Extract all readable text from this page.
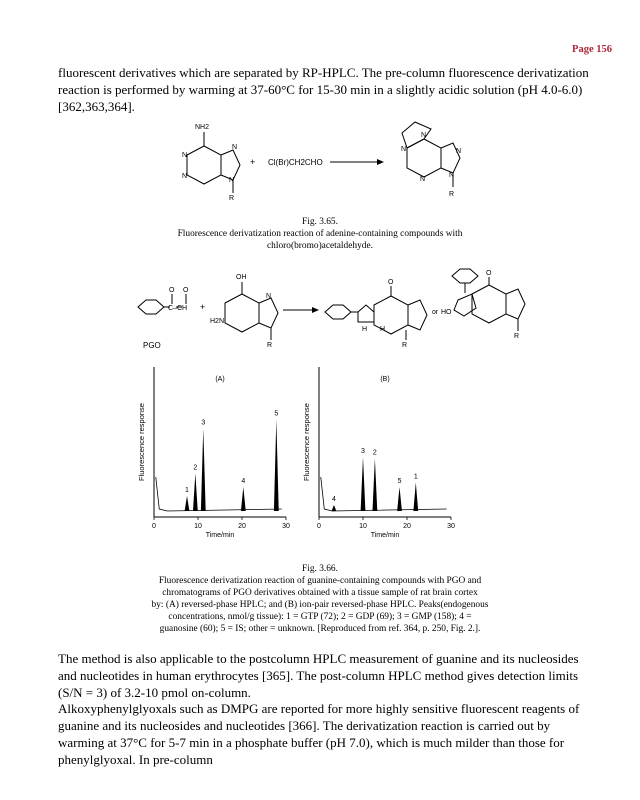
Page 156

fluorescent derivatives which are separated by RP-HPLC. The pre-column fluorescence derivatization reaction is performed by warming at 37-60°C for 15-30 min in a slightly acidic solution (pH 4.0-6.0) [362,363,364].

NH2
N
N
N
N
R
+ Cl(Br)CH2CHO
N
N	N
N
N
R
Fig. 3.65.
Fluorescence derivatization reaction of adenine-containing compounds with
chloro(bromo)acetaldehyde.
O O
C–CH +
PGO
OH
H2N
N
R
O
H H
R
or HO
O
R
0	10	20	30
Time/min
Fluorescence response
(A)
1
2
3
4
5
0	10	20	30
Time/min
Fluorescence response
(B)
4
3 2
5
1
Fig. 3.66.
Fluorescence derivatization reaction of guanine-containing compounds with PGO and
chromatograms of PGO derivatives obtained with a tissue sample of rat brain cortex
by: (A) reversed-phase HPLC; and (B) ion-pair reversed-phase HPLC. Peaks(endogenous
concentrations, nmol/g tissue): 1 = GTP (72); 2 = GDP (69); 3 = GMP (158); 4 =
guanosine (60); 5 = IS; other = unknown. [Reproduced from ref. 364, p. 250, Fig. 2.].

The method is also applicable to the postcolumn HPLC measurement of guanine and its nucleosides and nucleotides in human erythrocytes [365]. The post-column HPLC method gives detection limits (S/N = 3) of 3.2-10 pmol on-column.

Alkoxyphenylglyoxals such as DMPG are reported for more highly sensitive fluorescent reagents of guanine and its nucleosides and nucleotides [366]. The derivatization reaction is carried out by warming at 37°C for 5-7 min in a phosphate buffer (pH 7.0), which is much milder than those for phenylglyoxal. In pre-column
